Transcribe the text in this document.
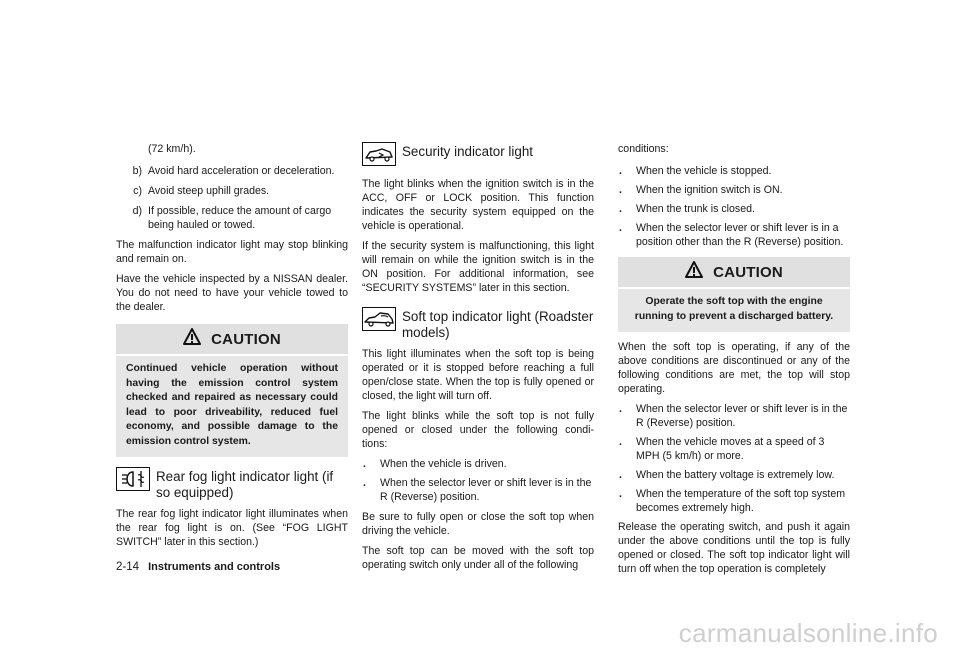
(72 km/h).

b) Avoid hard acceleration or deceleration.
c) Avoid steep uphill grades.
d) If possible, reduce the amount of cargo being hauled or towed.

The malfunction indicator light may stop blinking and remain on.

Have the vehicle inspected by a NISSAN dealer. You do not need to have your vehicle towed to the dealer.

CAUTION
Continued vehicle operation without having the emission control system checked and repaired as necessary could lead to poor driveability, reduced fuel economy, and possible damage to the emission control system.
Rear fog light indicator light (if so equipped)

The rear fog light indicator light illuminates when the rear fog light is on. (See “FOG LIGHT SWITCH” later in this section.)

Security indicator light

The light blinks when the ignition switch is in the ACC, OFF or LOCK position. This function indicates the security system equipped on the vehicle is operational.

If the security system is malfunctioning, this light will remain on while the ignition switch is in the ON position. For additional information, see “SECURITY SYSTEMS” later in this section.

Soft top indicator light (Roadster models)

This light illuminates when the soft top is being operated or it is stopped before reaching a full open/close state. When the top is fully opened or closed, the light will turn off.

The light blinks while the soft top is not fully opened or closed under the following condi- tions:

. When the vehicle is driven.
. When the selector lever or shift lever is in the R (Reverse) position.

Be sure to fully open or close the soft top when driving the vehicle.

The soft top can be moved with the soft top operating switch only under all of the following

conditions:

. When the vehicle is stopped.
. When the ignition switch is ON.
. When the trunk is closed.
. When the selector lever or shift lever is in a position other than the R (Reverse) position.
CAUTION
Operate the soft top with the engine running to prevent a discharged battery.

When the soft top is operating, if any of the above conditions are discontinued or any of the following conditions are met, the top will stop operating.

. When the selector lever or shift lever is in the R (Reverse) position.
. When the vehicle moves at a speed of 3 MPH (5 km/h) or more.
. When the battery voltage is extremely low.
. When the temperature of the soft top system becomes extremely high.

Release the operating switch, and push it again under the above conditions until the top is fully opened or closed. The soft top indicator light will turn off when the top operation is completely

2-14 Instruments and controls
carmanualsonline.info
